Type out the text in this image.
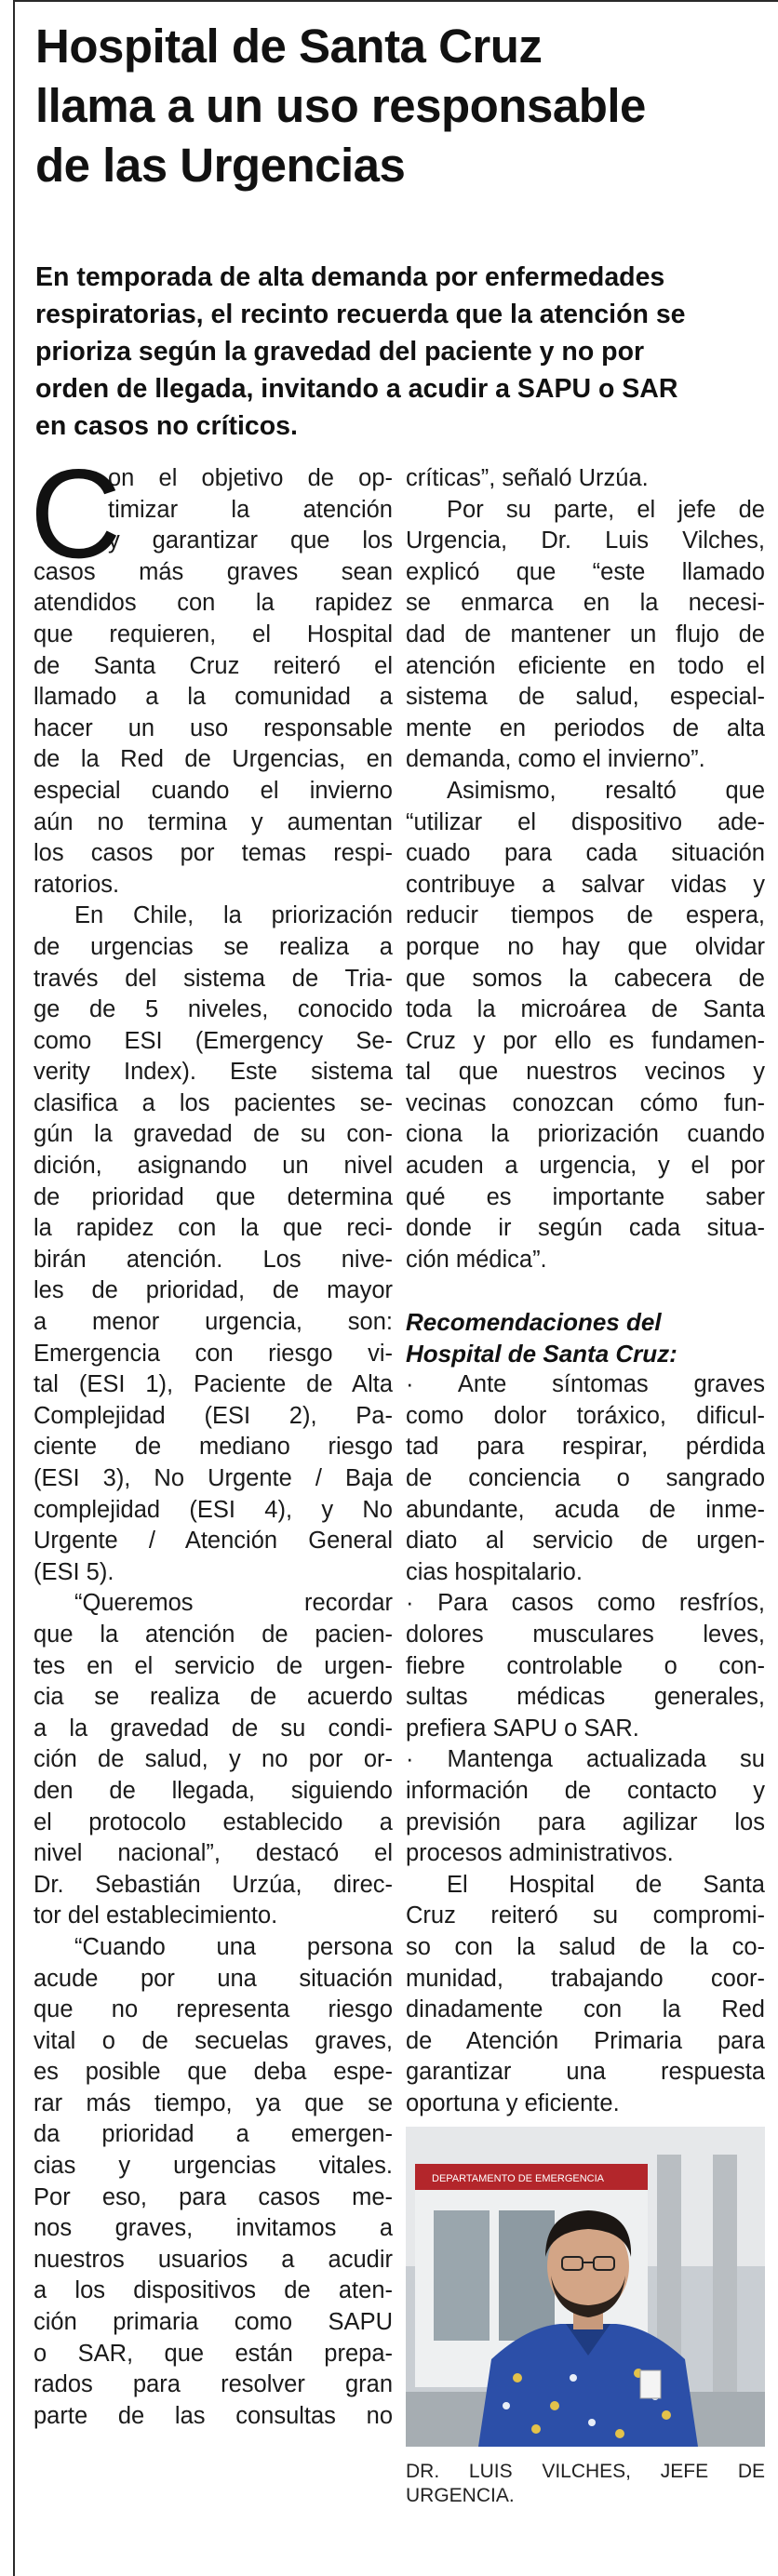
Hospital de Santa Cruz
llama a un uso responsable
de las Urgencias
En temporada de alta demanda por enfermedades
respiratorias, el recinto recuerda que la atención se
prioriza según la gravedad del paciente y no por
orden de llegada, invitando a acudir a SAPU o SAR
en casos no críticos.
C
on el objetivo de op-
timizar la atención
y garantizar que los
casos más graves sean
atendidos con la rapidez
que requieren, el Hospital
de Santa Cruz reiteró el
llamado a la comunidad a
hacer un uso responsable
de la Red de Urgencias, en
especial cuando el invierno
aún no termina y aumentan
los casos por temas respi-
ratorios.
En Chile, la priorización
de urgencias se realiza a
través del sistema de Tria-
ge de 5 niveles, conocido
como ESI (Emergency Se-
verity Index). Este sistema
clasifica a los pacientes se-
gún la gravedad de su con-
dición, asignando un nivel
de prioridad que determina
la rapidez con la que reci-
birán atención. Los nive-
les de prioridad, de mayor
a menor urgencia, son:
Emergencia con riesgo vi-
tal (ESI 1), Paciente de Alta
Complejidad (ESI 2), Pa-
ciente de mediano riesgo
(ESI 3), No Urgente / Baja
complejidad (ESI 4), y No
Urgente / Atención General
(ESI 5).
“Queremos recordar
que la atención de pacien-
tes en el servicio de urgen-
cia se realiza de acuerdo
a la gravedad de su condi-
ción de salud, y no por or-
den de llegada, siguiendo
el protocolo establecido a
nivel nacional”, destacó el
Dr. Sebastián Urzúa, direc-
tor del establecimiento.
“Cuando una persona
acude por una situación
que no representa riesgo
vital o de secuelas graves,
es posible que deba espe-
rar más tiempo, ya que se
da prioridad a emergen-
cias y urgencias vitales.
Por eso, para casos me-
nos graves, invitamos a
nuestros usuarios a acudir
a los dispositivos de aten-
ción primaria como SAPU
o SAR, que están prepa-
rados para resolver gran
parte de las consultas no
críticas”, señaló Urzúa.
Por su parte, el jefe de
Urgencia, Dr. Luis Vilches,
explicó que “este llamado
se enmarca en la necesi-
dad de mantener un flujo de
atención eficiente en todo el
sistema de salud, especial-
mente en periodos de alta
demanda, como el invierno”.
Asimismo, resaltó que
“utilizar el dispositivo ade-
cuado para cada situación
contribuye a salvar vidas y
reducir tiempos de espera,
porque no hay que olvidar
que somos la cabecera de
toda la microárea de Santa
Cruz y por ello es fundamen-
tal que nuestros vecinos y
vecinas conozcan cómo fun-
ciona la priorización cuando
acuden a urgencia, y el por
qué es importante saber
donde ir según cada situa-
ción médica”.
Recomendaciones del
Hospital de Santa Cruz:
· Ante síntomas graves
como dolor toráxico, dificul-
tad para respirar, pérdida
de conciencia o sangrado
abundante, acuda de inme-
diato al servicio de urgen-
cias hospitalario.
· Para casos como resfríos,
dolores musculares leves,
fiebre controlable o con-
sultas médicas generales,
prefiera SAPU o SAR.
· Mantenga actualizada su
información de contacto y
previsión para agilizar los
procesos administrativos.
El Hospital de Santa
Cruz reiteró su compromi-
so con la salud de la co-
munidad, trabajando coor-
dinadamente con la Red
de Atención Primaria para
garantizar una respuesta
oportuna y eficiente.
DEPARTAMENTO DE EMERGENCIA
DR. LUIS VILCHES, JEFE DE
URGENCIA.
